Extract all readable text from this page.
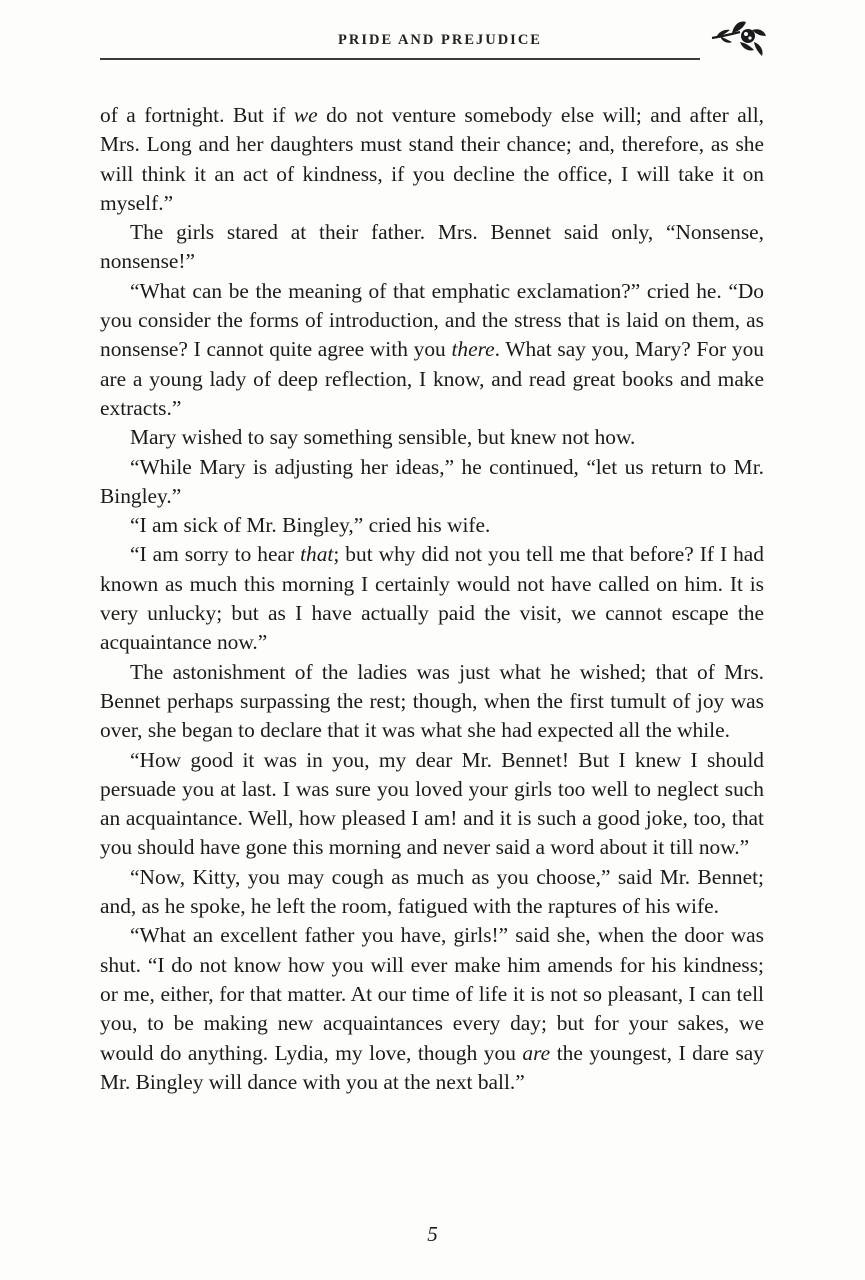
PRIDE AND PREJUDICE

of a fortnight. But if we do not venture somebody else will; and after all, Mrs. Long and her daughters must stand their chance; and, therefore, as she will think it an act of kindness, if you decline the office, I will take it on myself.”

The girls stared at their father. Mrs. Bennet said only, “Nonsense, nonsense!”

“What can be the meaning of that emphatic exclamation?” cried he. “Do you consider the forms of introduction, and the stress that is laid on them, as nonsense? I cannot quite agree with you there. What say you, Mary? For you are a young lady of deep reflection, I know, and read great books and make extracts.”

Mary wished to say something sensible, but knew not how.

“While Mary is adjusting her ideas,” he continued, “let us return to Mr. Bingley.”

“I am sick of Mr. Bingley,” cried his wife.

“I am sorry to hear that; but why did not you tell me that before? If I had known as much this morning I certainly would not have called on him. It is very unlucky; but as I have actually paid the visit, we cannot escape the acquaintance now.”

The astonishment of the ladies was just what he wished; that of Mrs. Bennet perhaps surpassing the rest; though, when the first tumult of joy was over, she began to declare that it was what she had expected all the while.

“How good it was in you, my dear Mr. Bennet! But I knew I should persuade you at last. I was sure you loved your girls too well to neglect such an acquaintance. Well, how pleased I am! and it is such a good joke, too, that you should have gone this morning and never said a word about it till now.”

“Now, Kitty, you may cough as much as you choose,” said Mr. Bennet; and, as he spoke, he left the room, fatigued with the raptures of his wife.

“What an excellent father you have, girls!” said she, when the door was shut. “I do not know how you will ever make him amends for his kindness; or me, either, for that matter. At our time of life it is not so pleasant, I can tell you, to be making new acquaintances every day; but for your sakes, we would do anything. Lydia, my love, though you are the youngest, I dare say Mr. Bingley will dance with you at the next ball.”

5
